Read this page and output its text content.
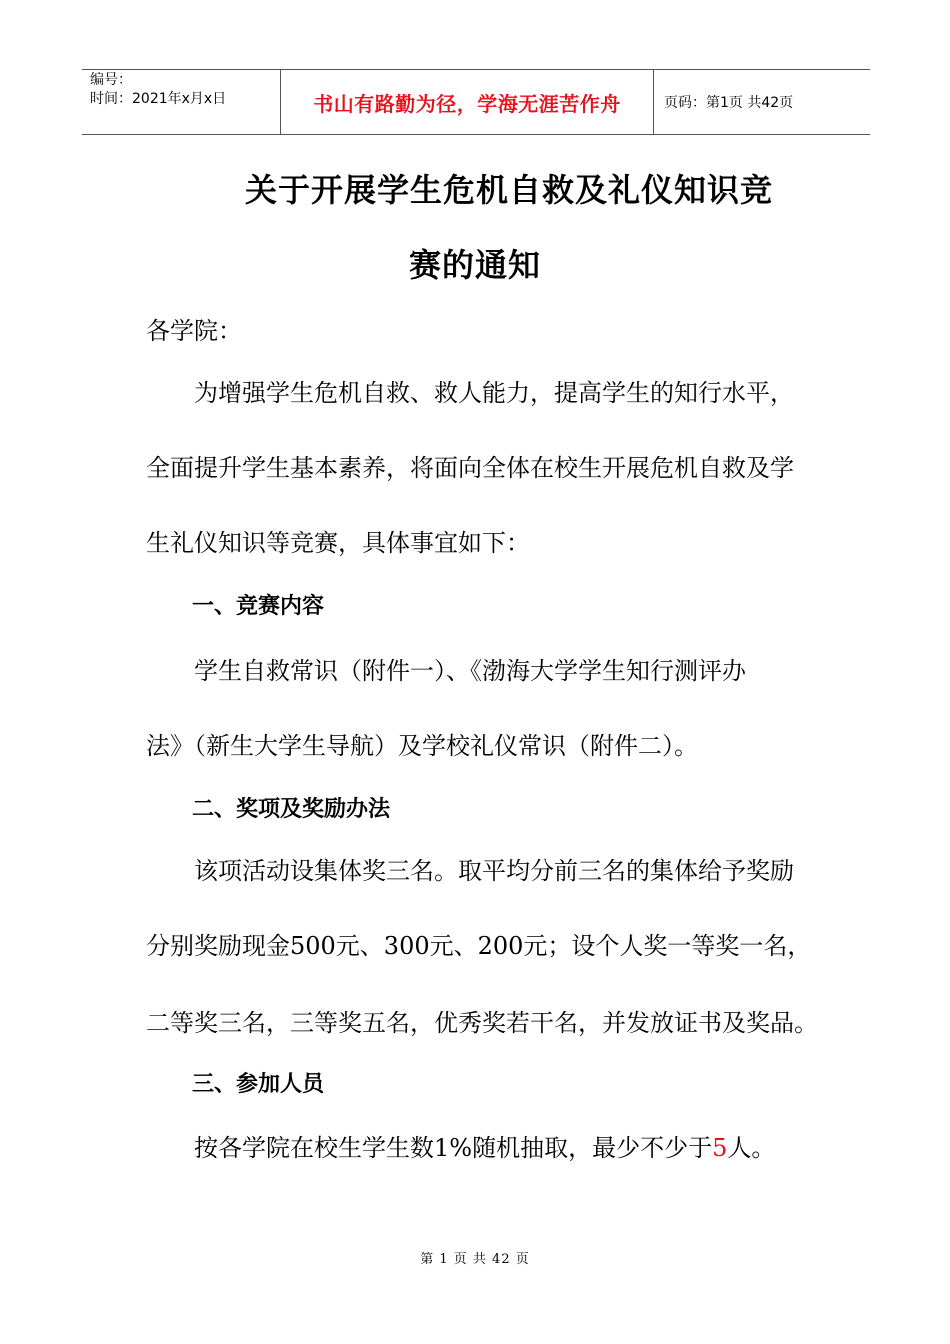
编号：
时间：2021年x月x日	书山有路勤为径，学海无涯苦作舟	页码：第1页 共42页
关于开展学生危机自救及礼仪知识竞
赛的通知
各学院：
为增强学生危机自救、救人能力，提高学生的知行水平，
全面提升学生基本素养，将面向全体在校生开展危机自救及学
生礼仪知识等竞赛，具体事宜如下：
一、竞赛内容
学生自救常识（附件一）、《渤海大学学生知行测评办
法》（新生大学生导航）及学校礼仪常识（附件二）。
二、奖项及奖励办法
该项活动设集体奖三名。取平均分前三名的集体给予奖励
分别奖励现金500元、300元、200元；设个人奖一等奖一名，
二等奖三名，三等奖五名，优秀奖若干名，并发放证书及奖品。
三、参加人员
按各学院在校生学生数1%随机抽取，最少不少于5人。
第 1 页 共 42 页
